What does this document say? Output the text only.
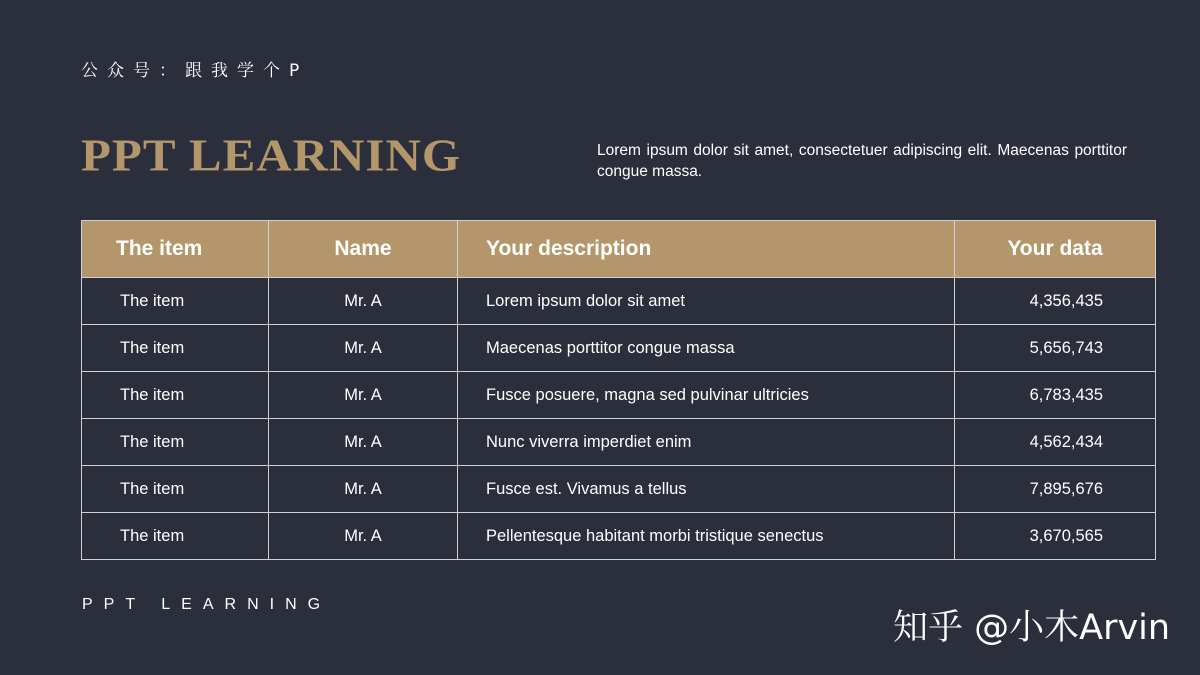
公众号：跟我学个P
PPT LEARNING	Lorem ipsum dolor sit amet, consectetuer adipiscing elit. Maecenas porttitor congue massa.
The item	Name	Your description	Your data
The item	Mr. A	Lorem ipsum dolor sit amet	4,356,435
The item	Mr. A	Maecenas porttitor congue massa	5,656,743
The item	Mr. A	Fusce posuere, magna sed pulvinar ultricies	6,783,435
The item	Mr. A	Nunc viverra imperdiet enim	4,562,434
The item	Mr. A	Fusce est. Vivamus a tellus	7,895,676
The item	Mr. A	Pellentesque habitant morbi tristique senectus	3,670,565
PPT LEARNING
知乎 @小木Arvin
